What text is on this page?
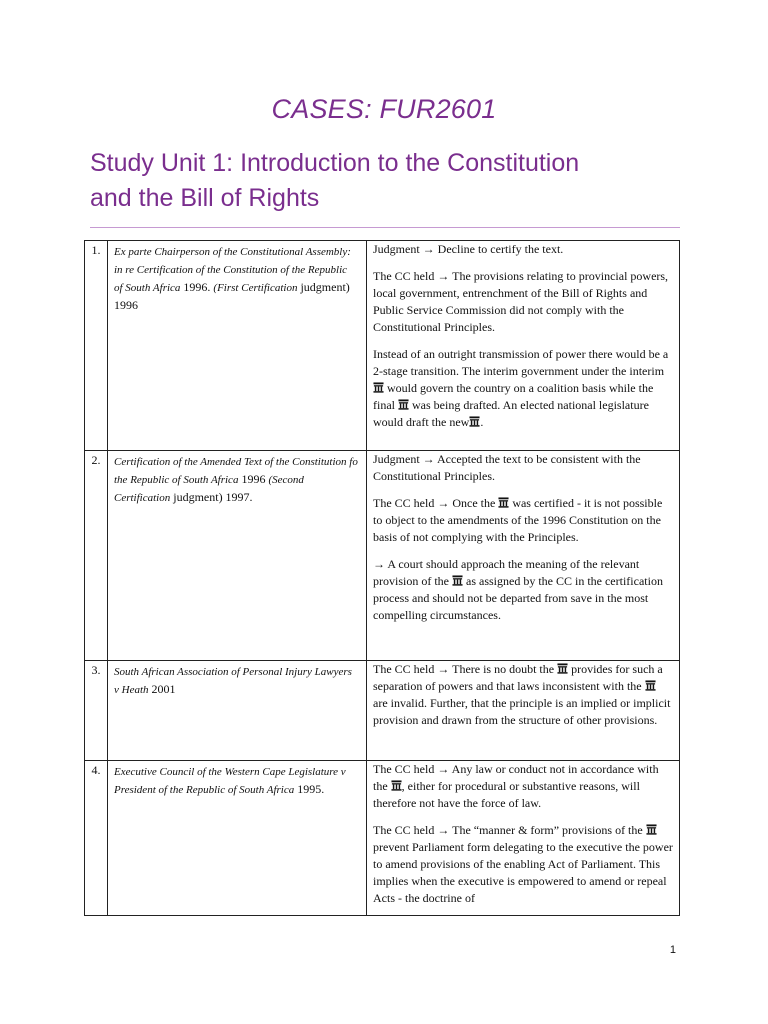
CASES: FUR2601
Study Unit 1: Introduction to the Constitution
and the Bill of Rights
1.	Ex parte Chairperson of the Constitutional Assembly: in re Certification of the Constitution of the Republic of South Africa 1996. (First Certification judgment) 1996	Judgment → Decline to certify the text.

The CC held → The provisions relating to provincial powers, local government, entrenchment of the Bill of Rights and Public Service Commission did not comply with the Constitutional Principles.

Instead of an outright transmission of power there would be a 2-stage transition. The interim government under the interim  would govern the country on a coalition basis while the final  was being drafted. An elected national legislature would draft the new .

2.	Certification of the Amended Text of the Constitution fo the Republic of South Africa 1996 (Second Certification judgment) 1997.	Judgment → Accepted the text to be consistent with the Constitutional Principles.

The CC held → Once the  was certified - it is not possible to object to the amendments of the 1996 Constitution on the basis of not complying with the Principles.

→ A court should approach the meaning of the relevant provision of the  as assigned by the CC in the certification process and should not be departed from save in the most compelling circumstances.

3.	South African Association of Personal Injury Lawyers v Heath 2001	The CC held → There is no doubt the  provides for such a separation of powers and that laws inconsistent with the  are invalid. Further, that the principle is an implied or implicit provision and drawn from the structure of other provisions.

4.	Executive Council of the Western Cape Legislature v President of the Republic of South Africa 1995.	The CC held → Any law or conduct not in accordance with the , either for procedural or substantive reasons, will therefore not have the force of law.

The CC held → The “manner & form” provisions of the  prevent Parliament form delegating to the executive the power to amend provisions of the enabling Act of Parliament. This implies when the executive is empowered to amend or repeal Acts - the doctrine of

1
